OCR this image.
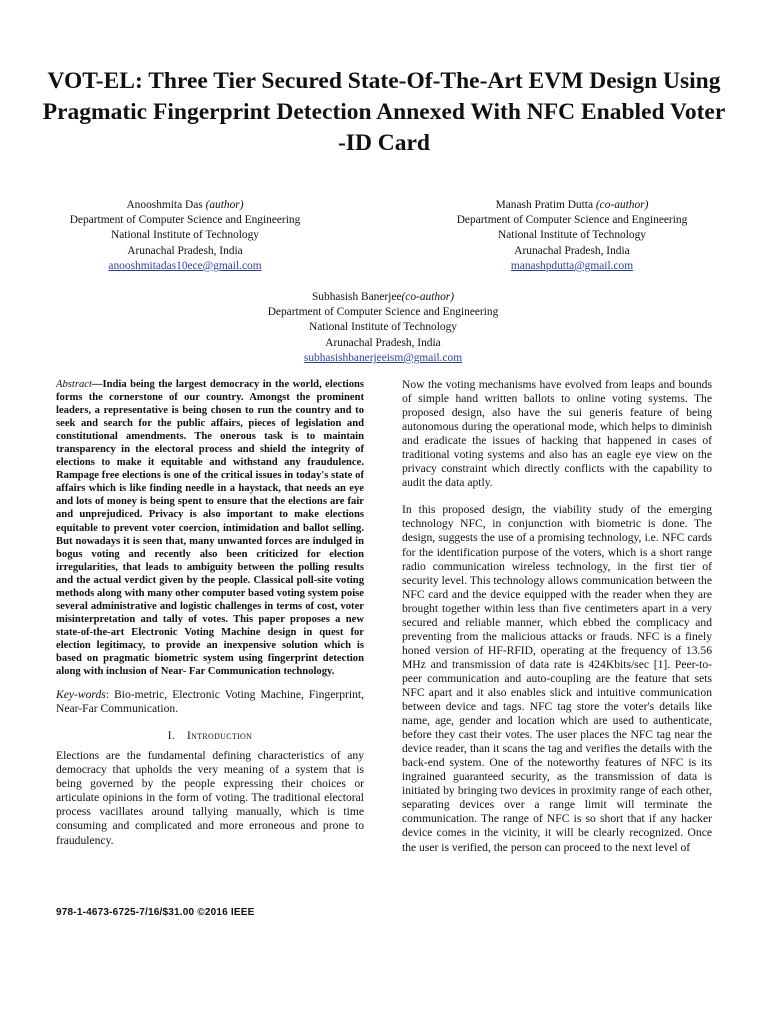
VOT-EL: Three Tier Secured State-Of-The-Art EVM Design Using Pragmatic Fingerprint Detection Annexed With NFC Enabled Voter -ID Card
Anooshmita Das (author)
Department of Computer Science and Engineering
National Institute of Technology
Arunachal Pradesh, India
anooshmitadas10ece@gmail.com
Manash Pratim Dutta (co-author)
Department of Computer Science and Engineering
National Institute of Technology
Arunachal Pradesh, India
manashpdutta@gmail.com
Subhasish Banerjee(co-author)
Department of Computer Science and Engineering
National Institute of Technology
Arunachal Pradesh, India
subhasishbanerjeeism@gmail.com

Abstract—India being the largest democracy in the world, elections forms the cornerstone of our country. Amongst the prominent leaders, a representative is being chosen to run the country and to seek and search for the public affairs, pieces of legislation and constitutional amendments. The onerous task is to maintain transparency in the electoral process and shield the integrity of elections to make it equitable and withstand any fraudulence. Rampage free elections is one of the critical issues in today's state of affairs which is like finding needle in a haystack, that needs an eye and lots of money is being spent to ensure that the elections are fair and unprejudiced. Privacy is also important to make elections equitable to prevent voter coercion, intimidation and ballot selling. But nowadays it is seen that, many unwanted forces are indulged in bogus voting and recently also been criticized for election irregularities, that leads to ambiguity between the polling results and the actual verdict given by the people. Classical poll-site voting methods along with many other computer based voting system poise several administrative and logistic challenges in terms of cost, voter misinterpretation and tally of votes. This paper proposes a new state-of-the-art Electronic Voting Machine design in quest for election legitimacy, to provide an inexpensive solution which is based on pragmatic biometric system using fingerprint detection along with inclusion of Near- Far Communication technology.

Key-words: Bio-metric, Electronic Voting Machine, Fingerprint, Near-Far Communication.

I. Introduction

Elections are the fundamental defining characteristics of any democracy that upholds the very meaning of a system that is being governed by the people expressing their choices or articulate opinions in the form of voting. The traditional electoral process vacillates around tallying manually, which is time consuming and complicated and more erroneous and prone to fraudulency.

978-1-4673-6725-7/16/$31.00 ©2016 IEEE

Now the voting mechanisms have evolved from leaps and bounds of simple hand written ballots to online voting systems. The proposed design, also have the sui generis feature of being autonomous during the operational mode, which helps to diminish and eradicate the issues of hacking that happened in cases of traditional voting systems and also has an eagle eye view on the privacy constraint which directly conflicts with the capability to audit the data aptly.

In this proposed design, the viability study of the emerging technology NFC, in conjunction with biometric is done. The design, suggests the use of a promising technology, i.e. NFC cards for the identification purpose of the voters, which is a short range radio communication wireless technology, in the first tier of security level. This technology allows communication between the NFC card and the device equipped with the reader when they are brought together within less than five centimeters apart in a very secured and reliable manner, which ebbed the complicacy and preventing from the malicious attacks or frauds. NFC is a finely honed version of HF-RFID, operating at the frequency of 13.56 MHz and transmission of data rate is 424Kbits/sec [1]. Peer-to-peer communication and auto-coupling are the feature that sets NFC apart and it also enables slick and intuitive communication between device and tags. NFC tag store the voter's details like name, age, gender and location which are used to authenticate, before they cast their votes. The user places the NFC tag near the device reader, than it scans the tag and verifies the details with the back-end system. One of the noteworthy features of NFC is its ingrained guaranteed security, as the transmission of data is initiated by bringing two devices in proximity range of each other, separating devices over a range limit will terminate the communication. The range of NFC is so short that if any hacker device comes in the vicinity, it will be clearly recognized. Once the user is verified, the person can proceed to the next level of
